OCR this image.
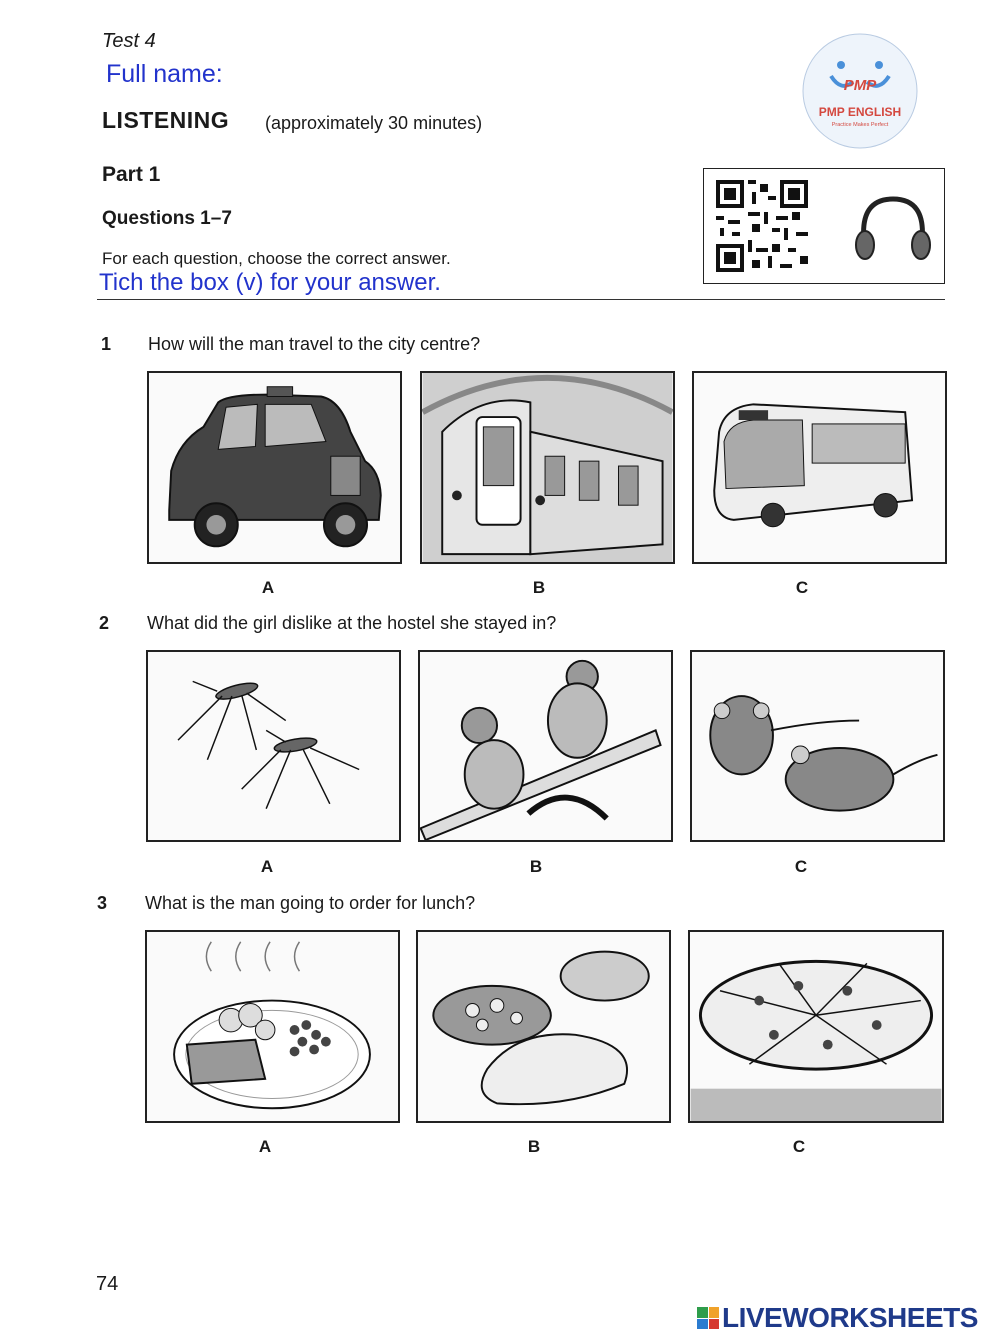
Test 4
Full name:
LISTENING (approximately 30 minutes)
Part 1
Questions 1–7
For each question, choose the correct answer.
Tich the box (v) for your answer.
PMP
PMP ENGLISH
Practice Makes Perfect
1 How will the man travel to the city centre?
A	B	C
2 What did the girl dislike at the hostel she stayed in?
A	B	C
3 What is the man going to order for lunch?
A	B	C
74
LIVEWORKSHEETS
